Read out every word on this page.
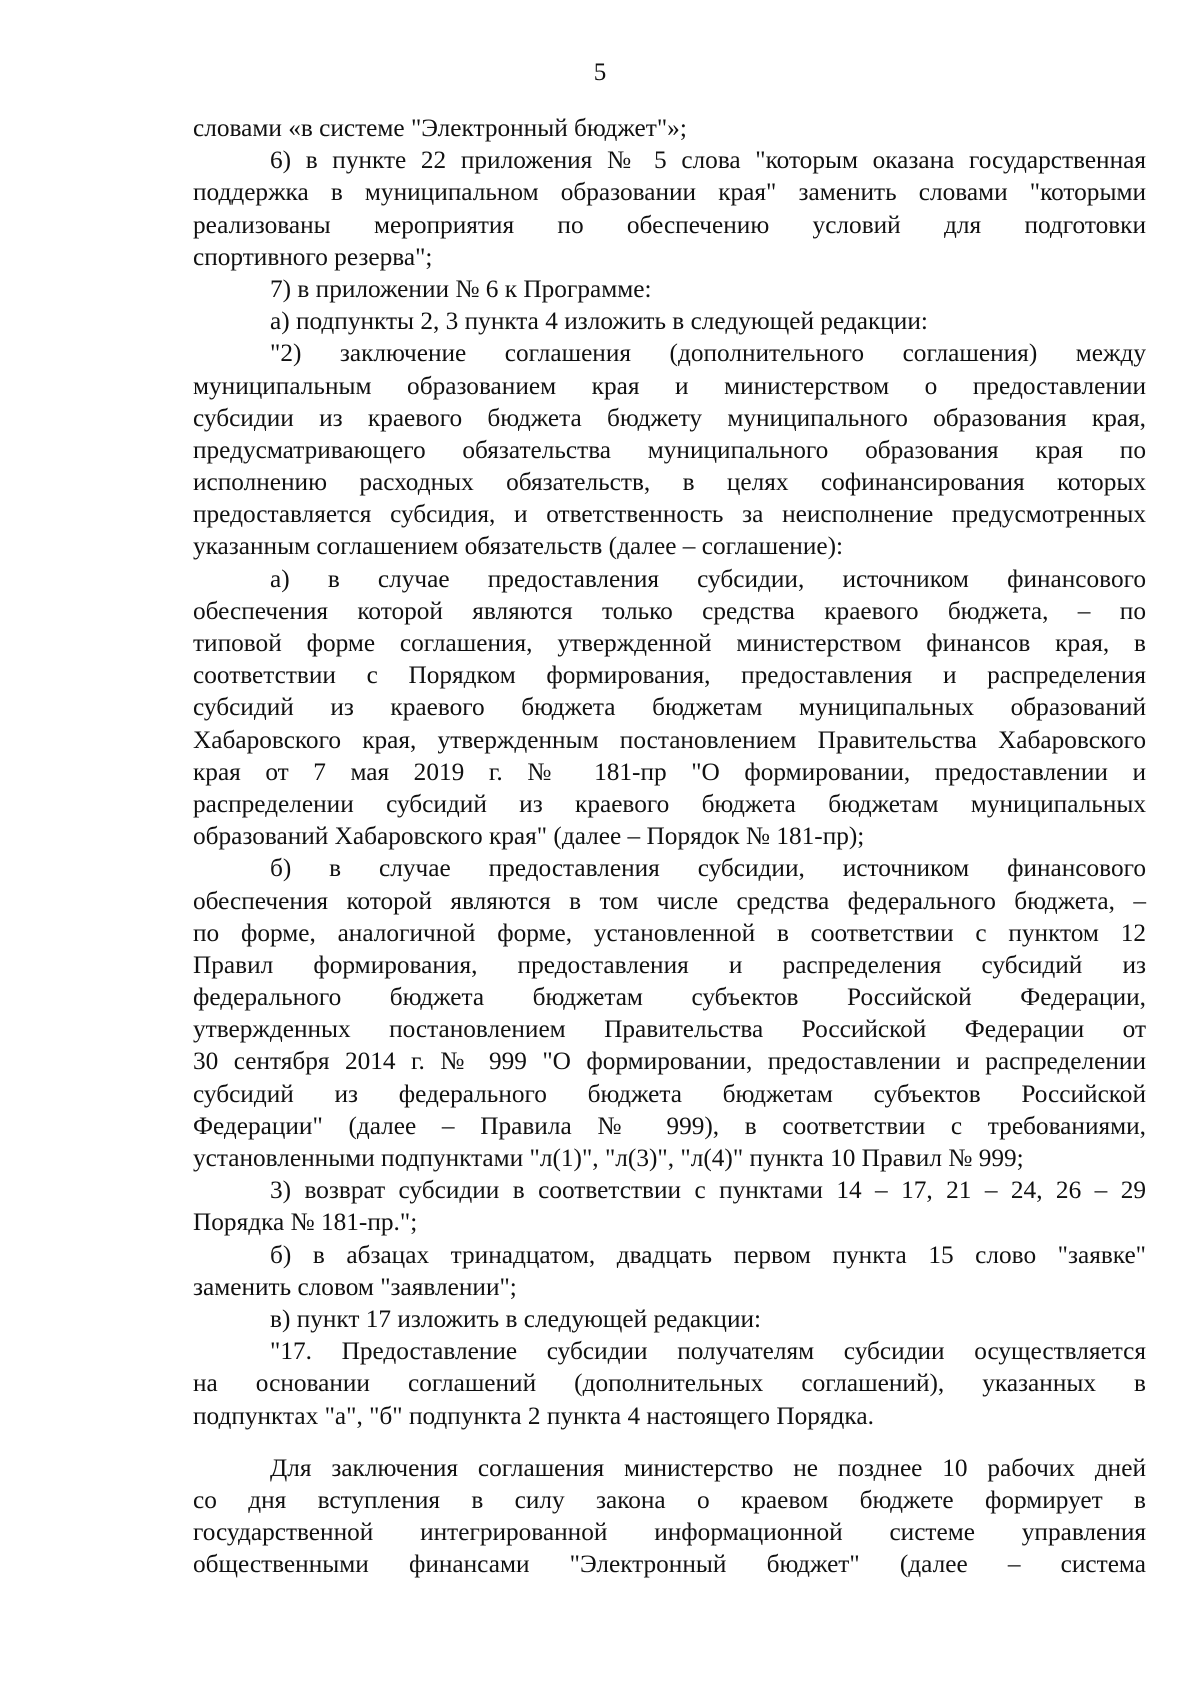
5
словами «в системе "Электронный бюджет"»;
6) в пункте 22 приложения № 5 слова "которым оказана государственная
поддержка в муниципальном образовании края" заменить словами "которыми
реализованы мероприятия по обеспечению условий для подготовки
спортивного резерва";
7) в приложении № 6 к Программе:
а) подпункты 2, 3 пункта 4 изложить в следующей редакции:
"2) заключение соглашения (дополнительного соглашения) между
муниципальным образованием края и министерством о предоставлении
субсидии из краевого бюджета бюджету муниципального образования края,
предусматривающего обязательства муниципального образования края по
исполнению расходных обязательств, в целях софинансирования которых
предоставляется субсидия, и ответственность за неисполнение предусмотренных
указанным соглашением обязательств (далее – соглашение):
а) в случае предоставления субсидии, источником финансового
обеспечения которой являются только средства краевого бюджета, – по
типовой форме соглашения, утвержденной министерством финансов края, в
соответствии с Порядком формирования, предоставления и распределения
субсидий из краевого бюджета бюджетам муниципальных образований
Хабаровского края, утвержденным постановлением Правительства Хабаровского
края от 7 мая 2019 г. № 181-пр "О формировании, предоставлении и
распределении субсидий из краевого бюджета бюджетам муниципальных
образований Хабаровского края" (далее – Порядок № 181-пр);
б) в случае предоставления субсидии, источником финансового
обеспечения которой являются в том числе средства федерального бюджета, –
по форме, аналогичной форме, установленной в соответствии с пунктом 12
Правил формирования, предоставления и распределения субсидий из
федерального бюджета бюджетам субъектов Российской Федерации,
утвержденных постановлением Правительства Российской Федерации от
30 сентября 2014 г. № 999 "О формировании, предоставлении и распределении
субсидий из федерального бюджета бюджетам субъектов Российской
Федерации" (далее – Правила № 999), в соответствии с требованиями,
установленными подпунктами "л(1)", "л(3)", "л(4)" пункта 10 Правил № 999;
3) возврат субсидии в соответствии с пунктами 14 – 17, 21 – 24, 26 – 29
Порядка № 181-пр.";
б) в абзацах тринадцатом, двадцать первом пункта 15 слово "заявке"
заменить словом "заявлении";
в) пункт 17 изложить в следующей редакции:
"17. Предоставление субсидии получателям субсидии осуществляется
на основании соглашений (дополнительных соглашений), указанных в
подпунктах "а", "б" подпункта 2 пункта 4 настоящего Порядка.
Для заключения соглашения министерство не позднее 10 рабочих дней
со дня вступления в силу закона о краевом бюджете формирует в
государственной интегрированной информационной системе управления
общественными финансами "Электронный бюджет" (далее – система
